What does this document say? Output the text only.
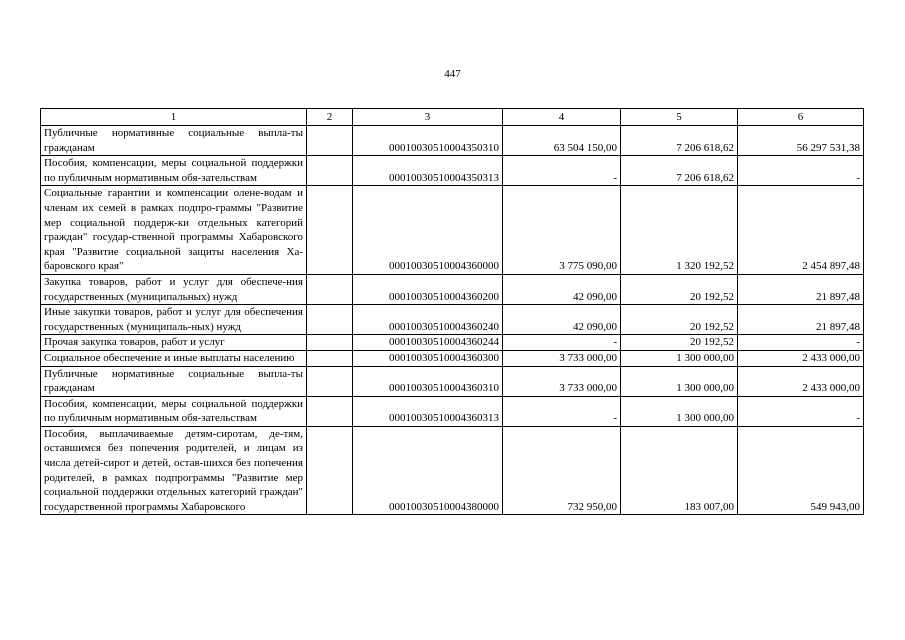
447
1	2	3	4	5	6
Публичные нормативные социальные выпла-ты гражданам		00010030510004350310	63 504 150,00	7 206 618,62	56 297 531,38
Пособия, компенсации, меры социальной поддержки по публичным нормативным обя-зательствам		00010030510004350313	-	7 206 618,62	-
Социальные гарантии и компенсации олене-водам и членам их семей в рамках подпро-граммы "Развитие мер социальной поддерж-ки отдельных категорий граждан" государ-ственной программы Хабаровского края "Развитие социальной защиты населения Ха-баровского края"		00010030510004360000	3 775 090,00	1 320 192,52	2 454 897,48
Закупка товаров, работ и услуг для обеспече-ния государственных (муниципальных) нужд		00010030510004360200	42 090,00	20 192,52	21 897,48
Иные закупки товаров, работ и услуг для обеспечения государственных (муниципаль-ных) нужд		00010030510004360240	42 090,00	20 192,52	21 897,48
Прочая закупка товаров, работ и услуг		00010030510004360244	-	20 192,52	-
Социальное обеспечение и иные выплаты населению		00010030510004360300	3 733 000,00	1 300 000,00	2 433 000,00
Публичные нормативные социальные выпла-ты гражданам		00010030510004360310	3 733 000,00	1 300 000,00	2 433 000,00
Пособия, компенсации, меры социальной поддержки по публичным нормативным обя-зательствам		00010030510004360313	-	1 300 000,00	-
Пособия, выплачиваемые детям-сиротам, де-тям, оставшимся без попечения родителей, и лицам из числа детей-сирот и детей, остав-шихся без попечения родителей, в рамках подпрограммы "Развитие мер социальной поддержки отдельных категорий граждан" государственной программы Хабаровского		00010030510004380000	732 950,00	183 007,00	549 943,00
